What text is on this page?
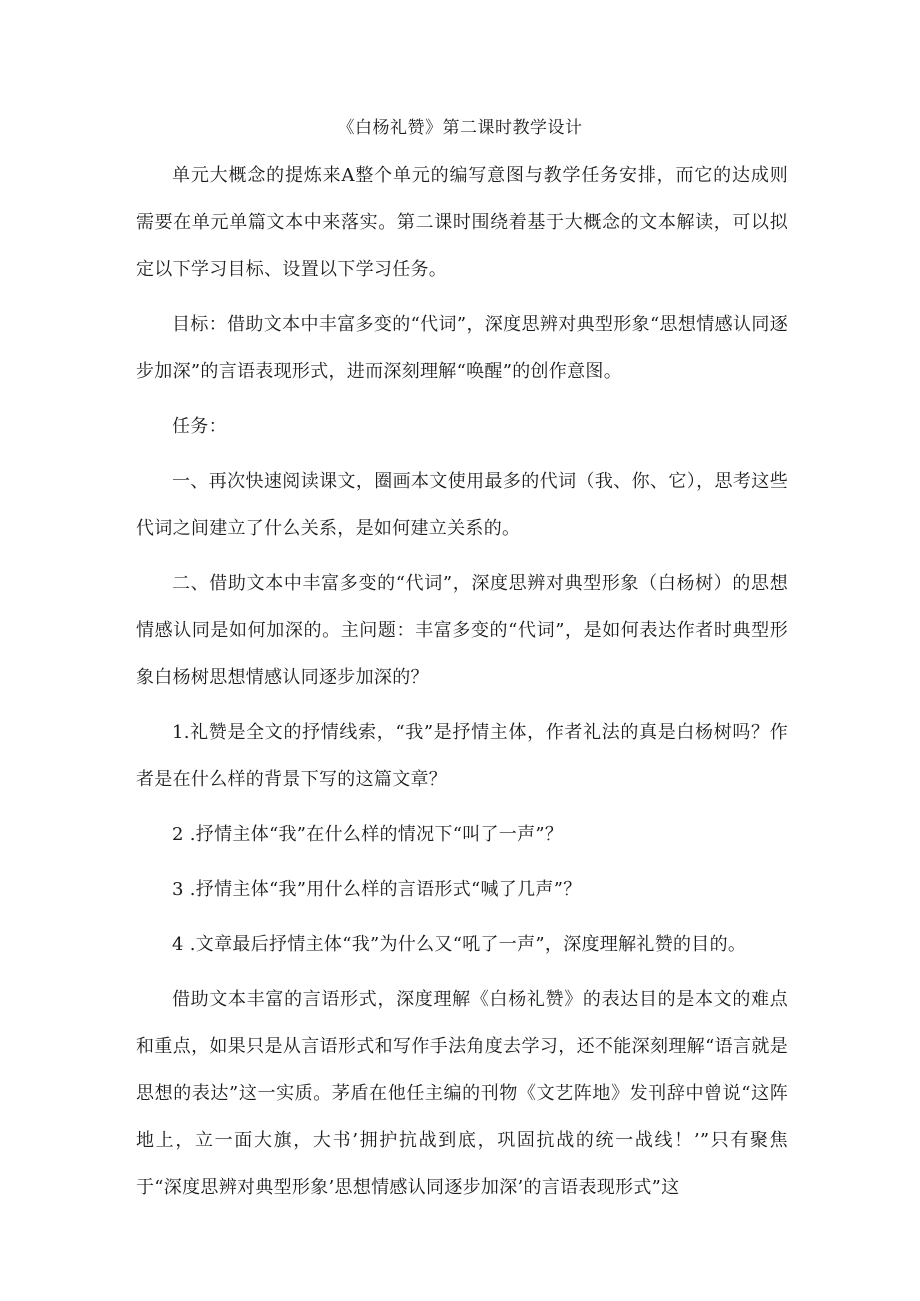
《白杨礼赞》第二课时教学设计

单元大概念的提炼来A整个单元的编写意图与教学任务安排，而它的达成则需要在单元单篇文本中来落实。第二课时围绕着基于大概念的文本解读，可以拟定以下学习目标、设置以下学习任务。

目标：借助文本中丰富多变的“代词”，深度思辨对典型形象“思想情感认同逐步加深”的言语表现形式，进而深刻理解“唤醒”的创作意图。

任务：

一、再次快速阅读课文，圈画本文使用最多的代词（我、你、它），思考这些代词之间建立了什么关系，是如何建立关系的。

二、借助文本中丰富多变的“代词”，深度思辨对典型形象（白杨树）的思想情感认同是如何加深的。主问题：丰富多变的“代词”，是如何表达作者时典型形象白杨树思想情感认同逐步加深的？

1.礼赞是全文的抒情线索，“我”是抒情主体，作者礼法的真是白杨树吗？作者是在什么样的背景下写的这篇文章？

2 .抒情主体“我”在什么样的情况下“叫了一声”？

3 .抒情主体“我”用什么样的言语形式“喊了几声”？

4 .文章最后抒情主体“我”为什么又“吼了一声”，深度理解礼赞的目的。

借助文本丰富的言语形式，深度理解《白杨礼赞》的表达目的是本文的难点和重点，如果只是从言语形式和写作手法角度去学习，还不能深刻理解“语言就是思想的表达”这一实质。茅盾在他任主编的刊物《文艺阵地》发刊辞中曾说“这阵地上，立一面大旗，大书’拥护抗战到底，巩固抗战的统一战线！’”只有聚焦于“深度思辨对典型形象’思想情感认同逐步加深’的言语表现形式”这
